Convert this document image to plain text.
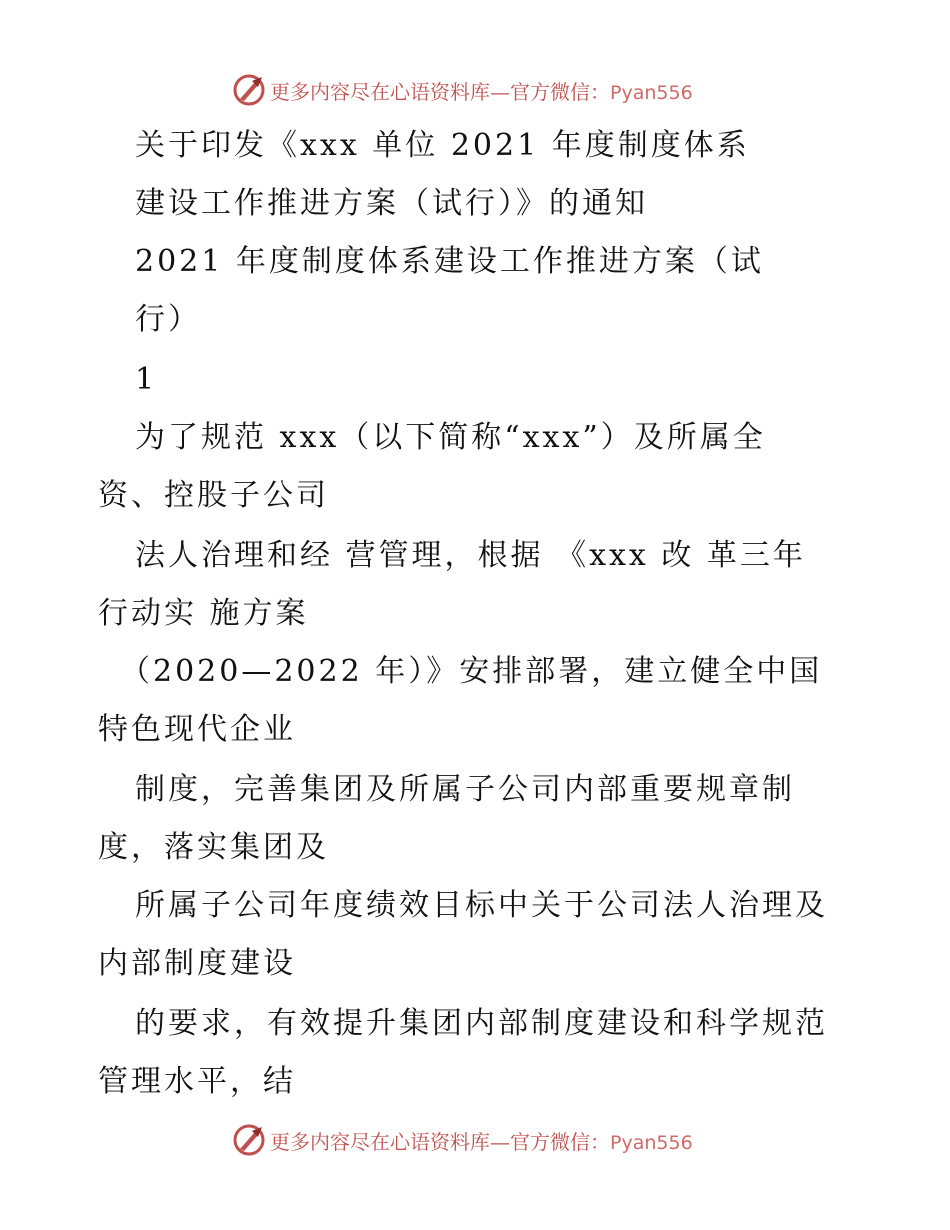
更多内容尽在心语资料库—官方微信：Pyan556
关于印发《xxx 单位 2021 年度制度体系
建设工作推进方案（试行）》的通知
2021 年度制度体系建设工作推进方案（试
行）
1
为了规范 xxx（以下简称“xxx”）及所属全
资、控股子公司
法人治理和经 营管理，根据 《xxx 改 革三年
行动实 施方案
（2020—2022 年）》安排部署，建立健全中国
特色现代企业
制度，完善集团及所属子公司内部重要规章制
度，落实集团及
所属子公司年度绩效目标中关于公司法人治理及
内部制度建设
的要求，有效提升集团内部制度建设和科学规范
管理水平，结
更多内容尽在心语资料库—官方微信：Pyan556
